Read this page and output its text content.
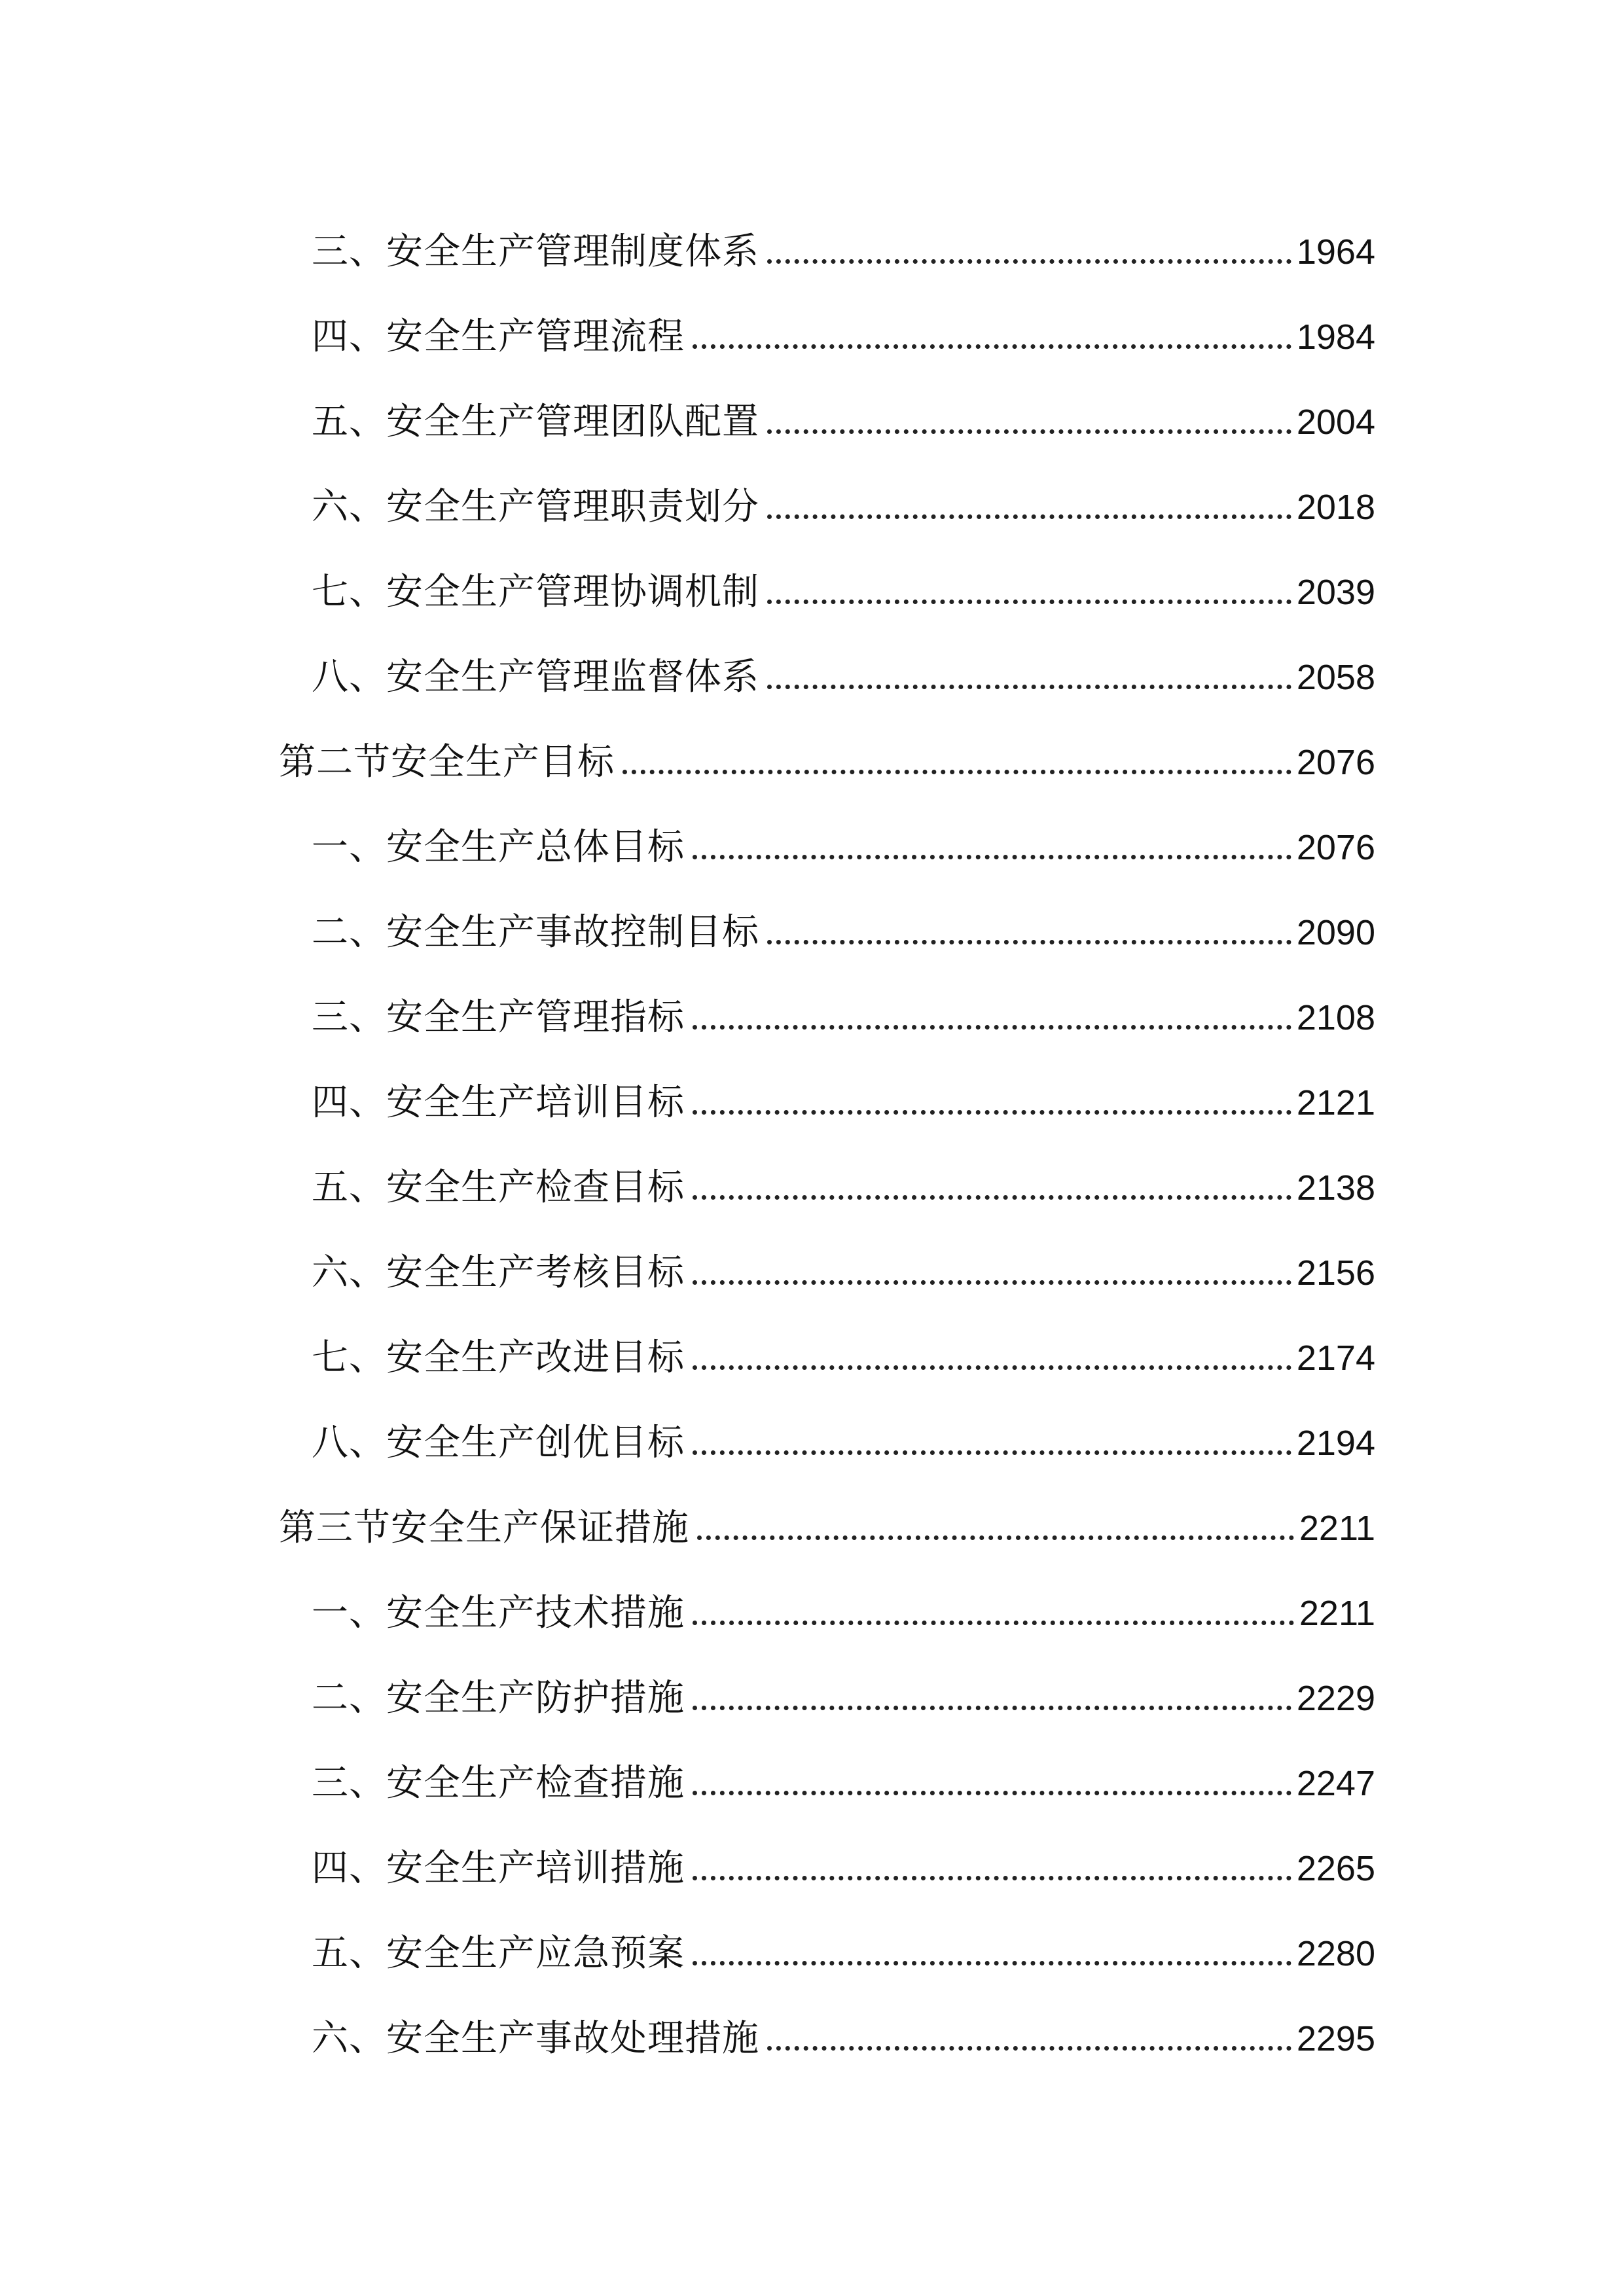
三、安全生产管理制度体系	1964
四、安全生产管理流程	1984
五、安全生产管理团队配置	2004
六、安全生产管理职责划分	2018
七、安全生产管理协调机制	2039
八、安全生产管理监督体系	2058
第二节安全生产目标	2076
一、安全生产总体目标	2076
二、安全生产事故控制目标	2090
三、安全生产管理指标	2108
四、安全生产培训目标	2121
五、安全生产检查目标	2138
六、安全生产考核目标	2156
七、安全生产改进目标	2174
八、安全生产创优目标	2194
第三节安全生产保证措施	2211
一、安全生产技术措施	2211
二、安全生产防护措施	2229
三、安全生产检查措施	2247
四、安全生产培训措施	2265
五、安全生产应急预案	2280
六、安全生产事故处理措施	2295
